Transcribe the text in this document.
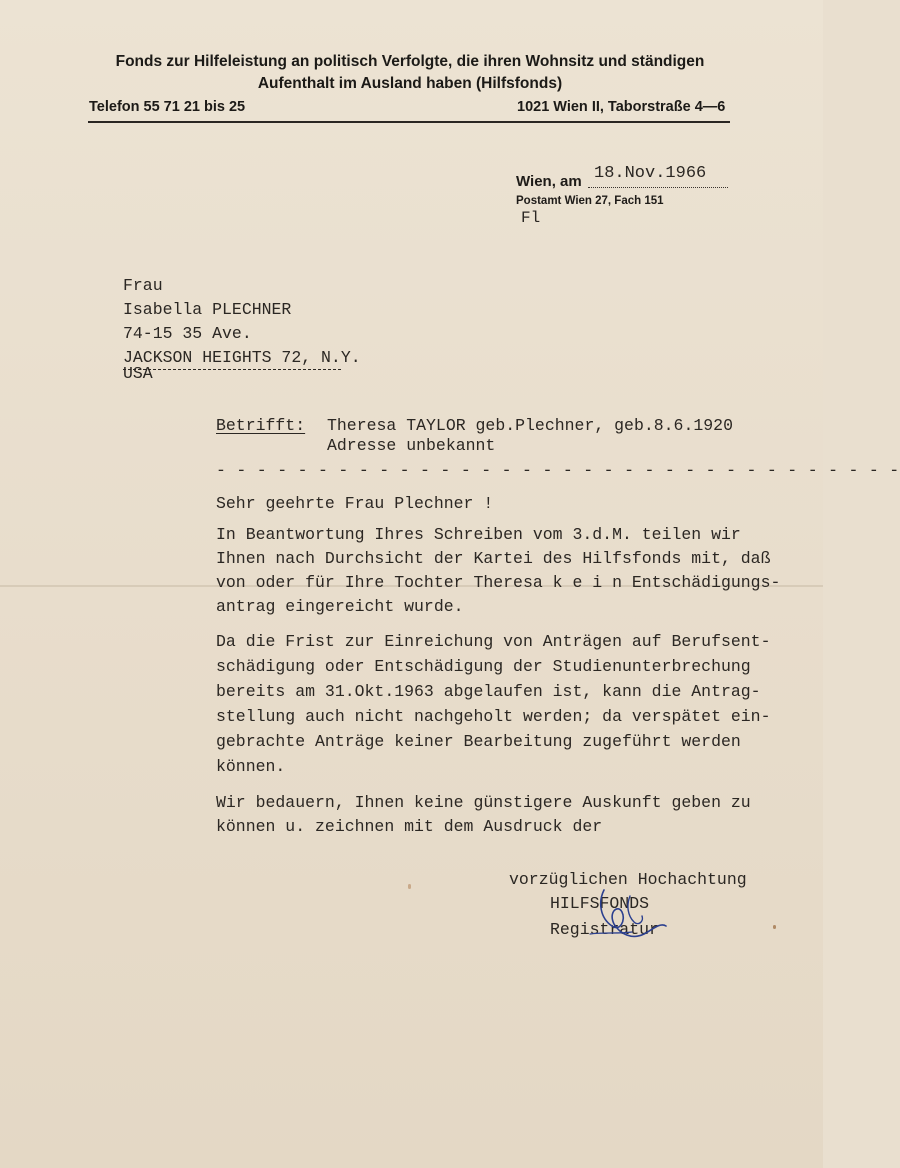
Fonds zur Hilfeleistung an politisch Verfolgte, die ihren Wohnsitz und ständigen
Aufenthalt im Ausland haben (Hilfsfonds)
Telefon 55 71 21 bis 25	1021 Wien II, Taborstraße 4—6
Wien, am 18.Nov.1966
Postamt Wien 27, Fach 151
Fl
Frau
Isabella PLECHNER
74-15 35 Ave.
JACKSON HEIGHTS 72, N.Y.
USA
Betrifft: Theresa TAYLOR geb.Plechner, geb.8.6.1920
Adresse unbekannt
- - - - - - - - - - - - - - - - - - - - - - - - - - - - - - - - - -
Sehr geehrte Frau Plechner !
In Beantwortung Ihres Schreiben vom 3.d.M. teilen wir
Ihnen nach Durchsicht der Kartei des Hilfsfonds mit, daß
von oder für Ihre Tochter Theresa k e i n Entschädigungs-
antrag eingereicht wurde.
Da die Frist zur Einreichung von Anträgen auf Berufsent-
schädigung oder Entschädigung der Studienunterbrechung
bereits am 31.Okt.1963 abgelaufen ist, kann die Antrag-
stellung auch nicht nachgeholt werden; da verspätet ein-
gebrachte Anträge keiner Bearbeitung zugeführt werden
können.
Wir bedauern, Ihnen keine günstigere Auskunft geben zu
können u. zeichnen mit dem Ausdruck der
vorzüglichen Hochachtung
HILFSFONDS
Registratur
